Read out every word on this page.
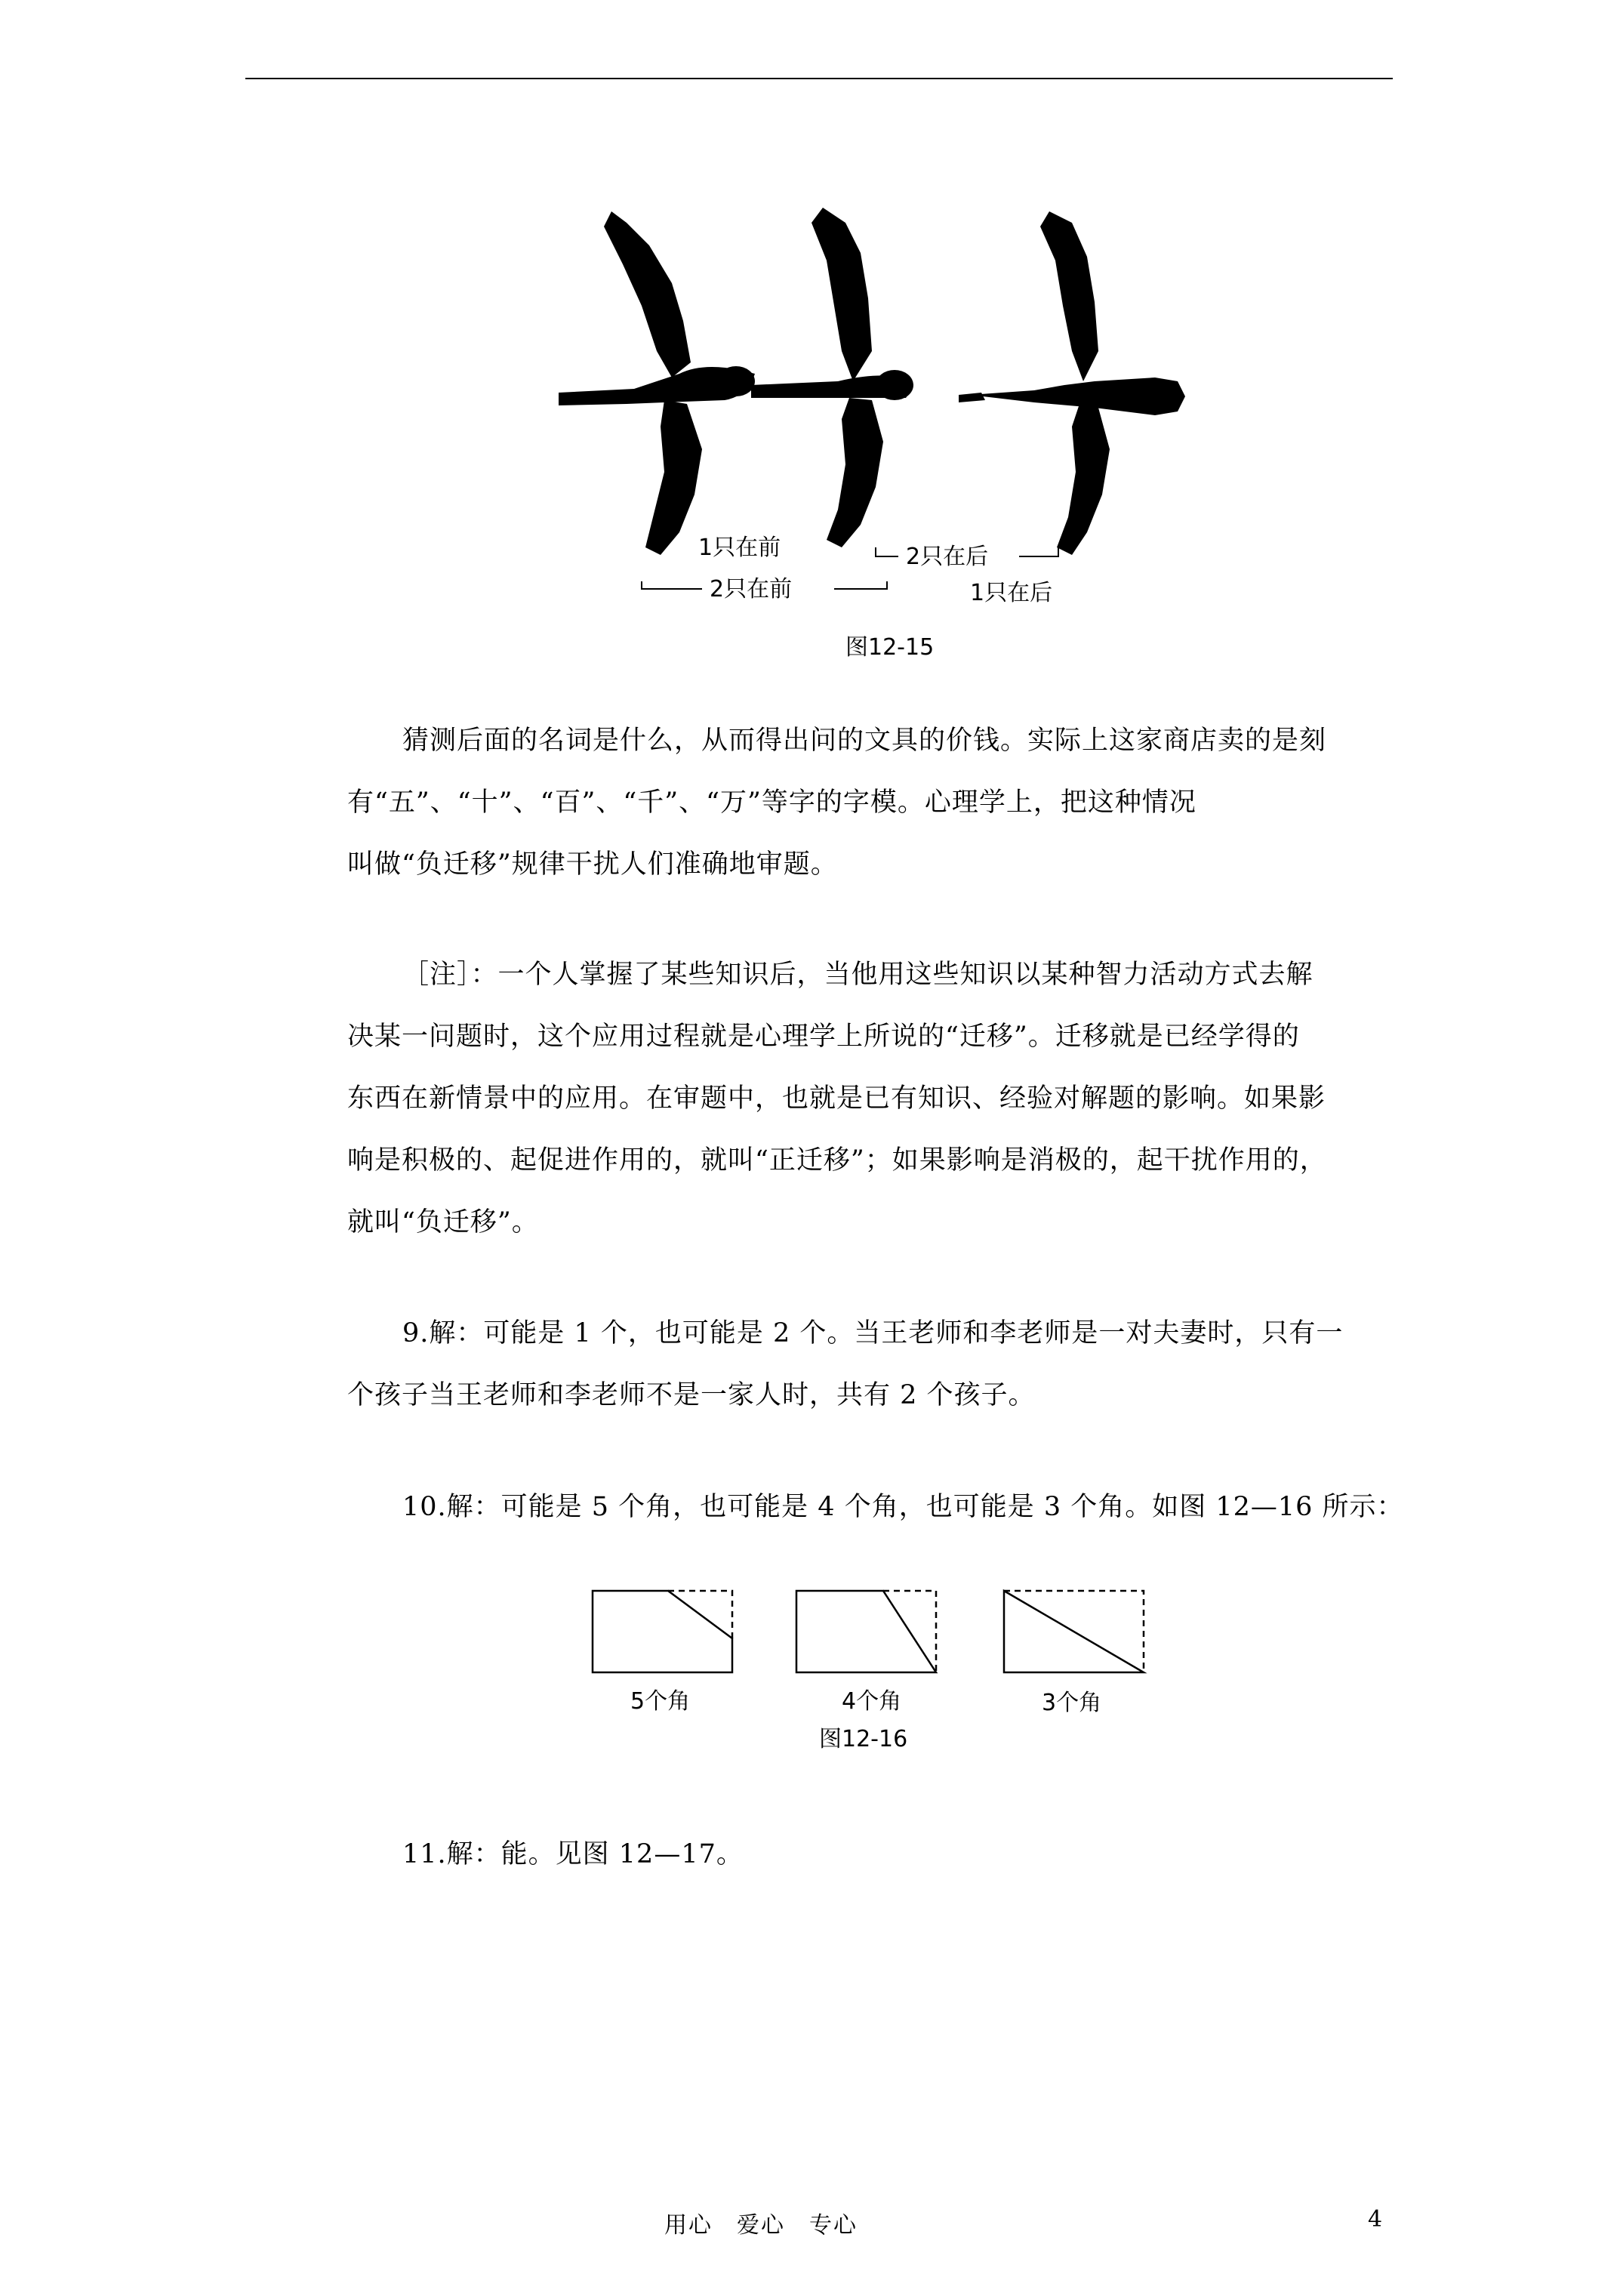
1只在前
2只在前
2只在后
1只在后
图12-15
猜测后面的名词是什么，从而得出问的文具的价钱。实际上这家商店卖的是刻
有“五”、“十”、“百”、“千”、“万”等字的字模。心理学上，把这种情况
叫做“负迁移”规律干扰人们准确地审题。
［注］：一个人掌握了某些知识后，当他用这些知识以某种智力活动方式去解
决某一问题时，这个应用过程就是心理学上所说的“迁移”。迁移就是已经学得的
东西在新情景中的应用。在审题中，也就是已有知识、经验对解题的影响。如果影
响是积极的、起促进作用的，就叫“正迁移”；如果影响是消极的，起干扰作用的，
就叫“负迁移”。
9.解：可能是 1 个，也可能是 2 个。当王老师和李老师是一对夫妻时，只有一
个孩子当王老师和李老师不是一家人时，共有 2 个孩子。
10.解：可能是 5 个角，也可能是 4 个角，也可能是 3 个角。如图 12—16 所示：
5个角	4个角	3个角
图12-16
11.解：能。见图 12—17。
用心　爱心　专心	4
